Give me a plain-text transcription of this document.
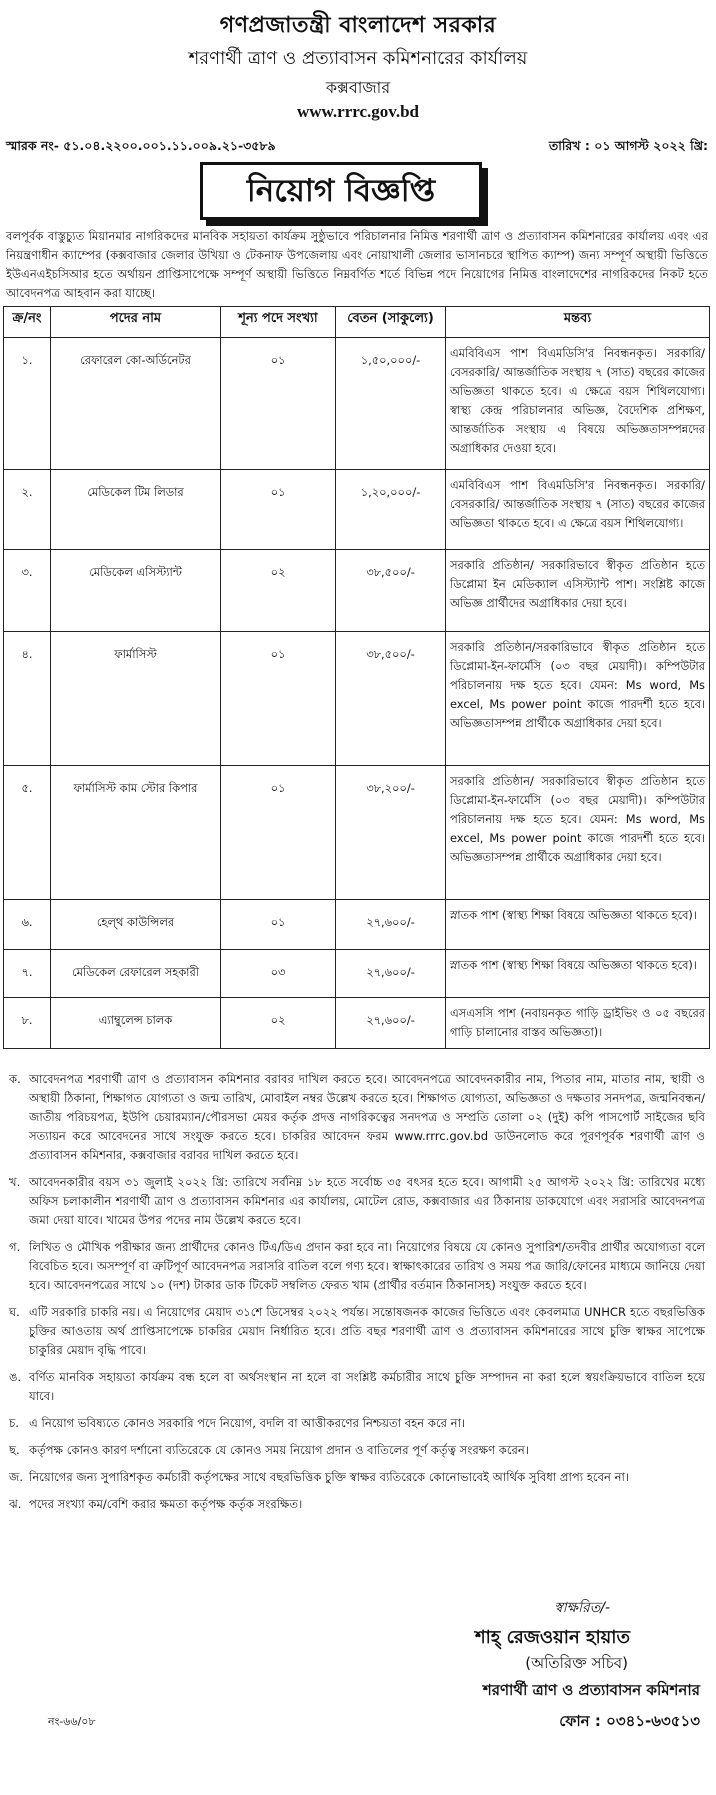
গণপ্রজাতন্ত্রী বাংলাদেশ সরকার
শরণার্থী ত্রাণ ও প্রত্যাবাসন কমিশনারের কার্যালয়
কক্সবাজার
www.rrrc.gov.bd
স্মারক নং- ৫১.০৪.২২০০.০০১.১১.০০৯.২১-৩৫৮৯	তারিখ : ০১ আগস্ট ২০২২ খ্রি:
নিয়োগ বিজ্ঞপ্তি
বলপূর্বক বাস্তুচ্যুত মিয়ানমার নাগরিকদের মানবিক সহায়তা কার্যক্রম সুষ্ঠুভাবে পরিচালনার নিমিত্ত শরণার্থী ত্রাণ ও প্রত্যাবাসন কমিশনারের কার্যালয় এবং এর নিয়ন্ত্রণাধীন ক্যাম্পের (কক্সবাজার জেলার উখিয়া ও টেকনাফ উপজেলায় এবং নোয়াখালী জেলার ভাসানচরে স্থাপিত ক্যাম্প) জন্য সম্পূর্ণ অস্থায়ী ভিত্তিতে ইউএনএইচসিআর হতে অর্থায়ন প্রাপ্তিসাপেক্ষে সম্পূর্ণ অস্থায়ী ভিত্তিতে নিম্নবর্ণিত শর্তে বিভিন্ন পদে নিয়োগের নিমিত্ত বাংলাদেশের নাগরিকদের নিকট হতে আবেদনপত্র আহবান করা যাচ্ছে।
ক্র/নং	পদের নাম	শূন্য পদে সংখ্যা	বেতন (সাকুল্যে)	মন্তব্য
১.	রেফারেল কো-অর্ডিনেটর	০১	১,৫০,০০০/-	এমবিবিএস পাশ বিএমডিসি'র নিবন্ধনকৃত। সরকারি/ বেসরকারি/ আন্তর্জাতিক সংস্থায় ৭ (সাত) বছরের কাজের অভিজ্ঞতা থাকতে হবে। এ ক্ষেত্রে বয়স শিথিলযোগ্য। স্বাস্থ্য কেন্দ্র পরিচালনার অভিজ্ঞ, বৈদেশিক প্রশিক্ষণ, আন্তর্জাতিক সংস্থায় এ বিষয়ে অভিজ্ঞতাসম্পন্নদের অগ্রাধিকার দেওয়া হবে।
২.	মেডিকেল টিম লিডার	০১	১,২০,০০০/-	এমবিবিএস পাশ বিএমডিসি'র নিবন্ধনকৃত। সরকারি/ বেসরকারি/ আন্তর্জাতিক সংস্থায় ৭ (সাত) বছরের কাজের অভিজ্ঞতা থাকতে হবে। এ ক্ষেত্রে বয়স শিথিলযোগ্য।
৩.	মেডিকেল এসিস্ট্যান্ট	০২	৩৮,৫০০/-	সরকারি প্রতিষ্ঠান/ সরকারিভাবে স্বীকৃত প্রতিষ্ঠান হতে ডিপ্লোমা ইন মেডিক্যাল এসিস্ট্যান্ট পাশ। সংশ্লিষ্ট কাজে অভিজ্ঞ প্রার্থীদের অগ্রাধিকার দেয়া হবে।
৪.	ফার্মাসিস্ট	০১	৩৮,৫০০/-	সরকারি প্রতিষ্ঠান/সরকারিভাবে স্বীকৃত প্রতিষ্ঠান হতে ডিপ্লোমা-ইন-ফার্মেসি (০৩ বছর মেয়াদী)। কম্পিউটার পরিচালনায় দক্ষ হতে হবে। যেমন: Ms word, Ms excel, Ms power point কাজে পারদর্শী হতে হবে। অভিজ্ঞতাসম্পন্ন প্রার্থীকে অগ্রাধিকার দেয়া হবে।
৫.	ফার্মাসিস্ট কাম স্টোর কিপার	০১	৩৮,২০০/-	সরকারি প্রতিষ্ঠান/ সরকারিভাবে স্বীকৃত প্রতিষ্ঠান হতে ডিপ্লোমা-ইন-ফার্মেসি (০৩ বছর মেয়াদী)। কম্পিউটার পরিচালনায় দক্ষ হতে হবে। যেমন: Ms word, Ms excel, Ms power point কাজে পারদর্শী হতে হবে। অভিজ্ঞতাসম্পন্ন প্রার্থীকে অগ্রাধিকার দেয়া হবে।
৬.	হেল্থ কাউন্সিলর	০১	২৭,৬০০/-	স্নাতক পাশ (স্বাস্থ্য শিক্ষা বিষয়ে অভিজ্ঞতা থাকতে হবে)।
৭.	মেডিকেল রেফারেল সহকারী	০৩	২৭,৬০০/-	স্নাতক পাশ (স্বাস্থ্য শিক্ষা বিষয়ে অভিজ্ঞতা থাকতে হবে)।
৮.	এ্যাম্বুলেন্স চালক	০২	২৭,৬০০/-	এসএসসি পাশ (নবায়নকৃত গাড়ি ড্রাইভিং ও ০৫ বছরের গাড়ি চালানোর বাস্তব অভিজ্ঞতা)।
ক. আবেদনপত্র শরণার্থী ত্রাণ ও প্রত্যাবাসন কমিশনার বরাবর দাখিল করতে হবে। আবেদনপত্রে আবেদনকারীর নাম, পিতার নাম, মাতার নাম, স্থায়ী ও অস্থায়ী ঠিকানা, শিক্ষাগত যোগ্যতা ও জন্ম তারিখ, মোবাইল নম্বর উল্লেখ করতে হবে। শিক্ষাগত যোগ্যতা, অভিজ্ঞতা ও দক্ষতার সনদপত্র, জন্মনিবন্ধন/ জাতীয় পরিচয়পত্র, ইউপি চেয়ারম্যান/পৌরসভা মেয়র কর্তৃক প্রদত্ত নাগরিকত্বের সনদপত্র ও সম্প্রতি তোলা ০২ (দুই) কপি পাসপোর্ট সাইজের ছবি সত্যায়ন করে আবেদনের সাথে সংযুক্ত করতে হবে। চাকরির আবেদন ফরম www.rrrc.gov.bd ডাউনলোড করে পূরণপূর্বক শরণার্থী ত্রাণ ও প্রত্যাবাসন কমিশনার, কক্সবাজার বরাবর দাখিল করতে হবে।
খ. আবেদনকারীর বয়স ৩১ জুলাই ২০২২ খ্রি: তারিখে সর্বনিম্ন ১৮ হতে সর্বোচ্চ ৩৫ বৎসর হতে হবে। আগামী ২৫ আগস্ট ২০২২ খ্রি: তারিখের মধ্যে অফিস চলাকালীন শরণার্থী ত্রাণ ও প্রত্যাবাসন কমিশনার এর কার্যালয়, মোটেল রোড, কক্সবাজার এর ঠিকানায় ডাকযোগে এবং সরাসরি আবেদনপত্র জমা দেয়া যাবে। খামের উপর পদের নাম উল্লেখ করতে হবে।
গ. লিখিত ও মৌখিক পরীক্ষার জন্য প্রার্থীদের কোনও টিএ/ডিএ প্রদান করা হবে না। নিয়োগের বিষয়ে যে কোনও সুপারিশ/তদবীর প্রার্থীর অযোগ্যতা বলে বিবেচিত হবে। অসম্পূর্ণ বা ত্রুটিপূর্ণ আবেদনপত্র সরাসরি বাতিল বলে গণ্য হবে। স্বাক্ষাৎকারের তারিখ ও সময় পত্র জারি/ফোনের মাধ্যমে জানিয়ে দেয়া হবে। আবেদনপত্রের সাথে ১০ (দশ) টাকার ডাক টিকেট সম্বলিত ফেরত খাম (প্রার্থীর বর্তমান ঠিকানাসহ) সংযুক্ত করতে হবে।
ঘ. এটি সরকারি চাকরি নয়। এ নিয়োগের মেয়াদ ৩১শে ডিসেম্বর ২০২২ পর্যন্ত। সন্তোষজনক কাজের ভিত্তিতে এবং কেবলমাত্র UNHCR হতে বছরভিত্তিক চুক্তির আওতায় অর্থ প্রাপ্তিসাপেক্ষে চাকরির মেয়াদ নির্ধারিত হবে। প্রতি বছর শরণার্থী ত্রাণ ও প্রত্যাবাসন কমিশনারের সাথে চুক্তি স্বাক্ষর সাপেক্ষে চাকুরির মেয়াদ বৃদ্ধি পাবে।
ঙ. বর্ণিত মানবিক সহায়তা কার্যক্রম বন্ধ হলে বা অর্থসংস্থান না হলে বা সংশ্লিষ্ট কর্মচারীর সাথে চুক্তি সম্পাদন না করা হলে স্বয়ংক্রিয়ভাবে বাতিল হয়ে যাবে।
চ. এ নিয়োগ ভবিষ্যতে কোনও সরকারি পদে নিয়োগ, বদলি বা আত্তীকরণের নিশ্চয়তা বহন করে না।
ছ. কর্তৃপক্ষ কোনও কারণ দর্শানো ব্যতিরেকে যে কোনও সময় নিয়োগ প্রদান ও বাতিলের পূর্ণ কর্তৃত্ব সংরক্ষণ করেন।
জ. নিয়োগের জন্য সুপারিশকৃত কর্মচারী কর্তৃপক্ষের সাথে বছরভিত্তিক চুক্তি স্বাক্ষর ব্যতিরেকে কোনোভাবেই আর্থিক সুবিধা প্রাপ্য হবেন না।
ঝ. পদের সংখ্যা কম/বেশি করার ক্ষমতা কর্তৃপক্ষ কর্তৃক সংরক্ষিত।
স্বাক্ষরিত/-
শাহ্ রেজওয়ান হায়াত
(অতিরিক্ত সচিব)
শরণার্থী ত্রাণ ও প্রত্যাবাসন কমিশনার
ফোন : ০৩৪১-৬৩৫১৩
নং-৬৬/০৮
